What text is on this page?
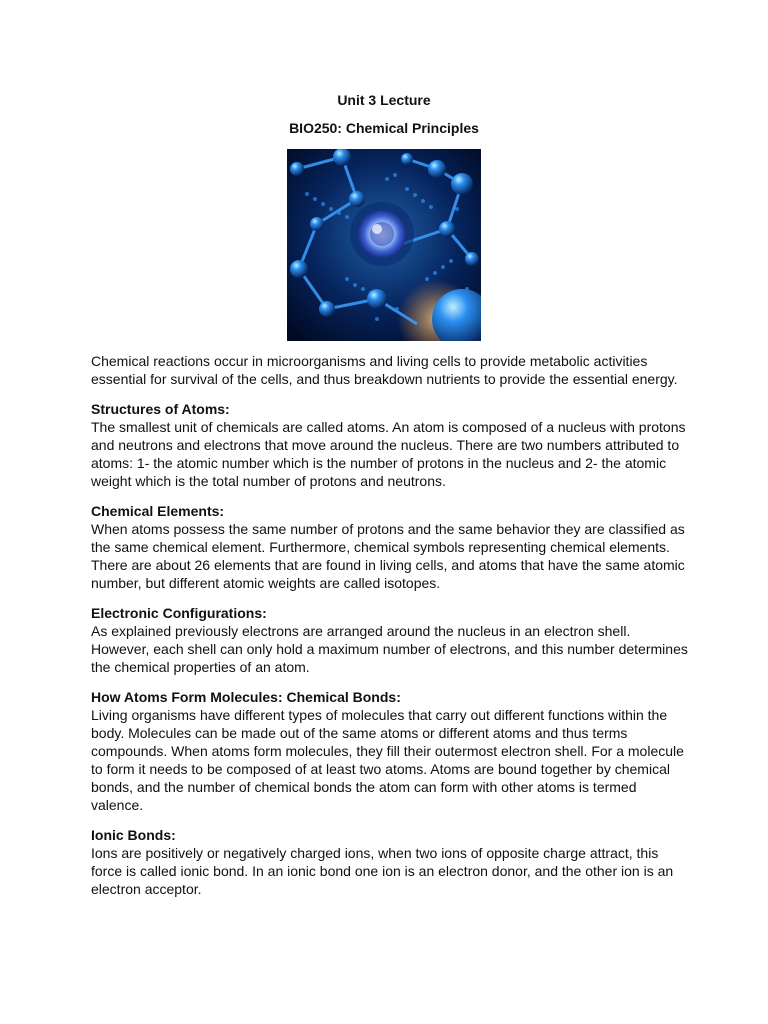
Unit 3 Lecture
BIO250: Chemical Principles

Chemical reactions occur in microorganisms and living cells to provide metabolic activities essential for survival of the cells, and thus breakdown nutrients to provide the essential energy.

Structures of Atoms:

The smallest unit of chemicals are called atoms. An atom is composed of a nucleus with protons and neutrons and electrons that move around the nucleus. There are two numbers attributed to atoms: 1- the atomic number which is the number of protons in the nucleus and 2- the atomic weight which is the total number of protons and neutrons.

Chemical Elements:

When atoms possess the same number of protons and the same behavior they are classified as the same chemical element. Furthermore, chemical symbols representing chemical elements. There are about 26 elements that are found in living cells, and atoms that have the same atomic number, but different atomic weights are called isotopes.

Electronic Configurations:

As explained previously electrons are arranged around the nucleus in an electron shell. However, each shell can only hold a maximum number of electrons, and this number determines the chemical properties of an atom.

How Atoms Form Molecules: Chemical Bonds:

Living organisms have different types of molecules that carry out different functions within the body. Molecules can be made out of the same atoms or different atoms and thus terms compounds. When atoms form molecules, they fill their outermost electron shell. For a molecule to form it needs to be composed of at least two atoms. Atoms are bound together by chemical bonds, and the number of chemical bonds the atom can form with other atoms is termed valence.

Ionic Bonds:

Ions are positively or negatively charged ions, when two ions of opposite charge attract, this force is called ionic bond. In an ionic bond one ion is an electron donor, and the other ion is an electron acceptor.
